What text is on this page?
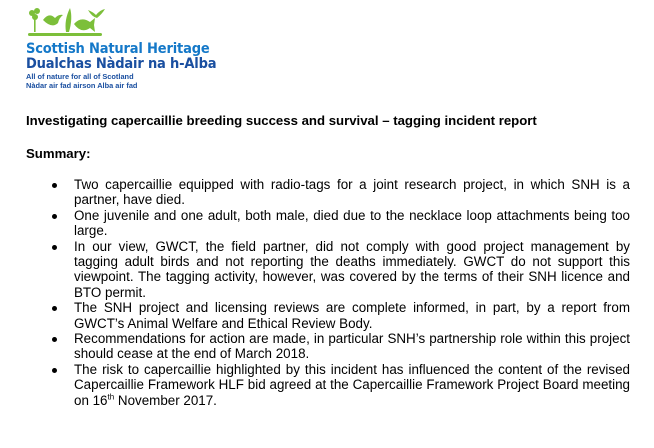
Scottish Natural Heritage
Dualchas Nàdair na h-Alba
All of nature for all of Scotland
Nàdar air fad airson Alba air fad
Investigating capercaillie breeding success and survival – tagging incident report
Summary:
Two capercaillie equipped with radio-tags for a joint research project, in which SNH is a partner, have died.
One juvenile and one adult, both male, died due to the necklace loop attachments being too large.
In our view, GWCT, the field partner, did not comply with good project management by tagging adult birds and not reporting the deaths immediately. GWCT do not support this viewpoint. The tagging activity, however, was covered by the terms of their SNH licence and BTO permit.
The SNH project and licensing reviews are complete informed, in part, by a report from GWCT’s Animal Welfare and Ethical Review Body.
Recommendations for action are made, in particular SNH’s partnership role within this project should cease at the end of March 2018.
The risk to capercaillie highlighted by this incident has influenced the content of the revised Capercaillie Framework HLF bid agreed at the Capercaillie Framework Project Board meeting on 16th November 2017.
